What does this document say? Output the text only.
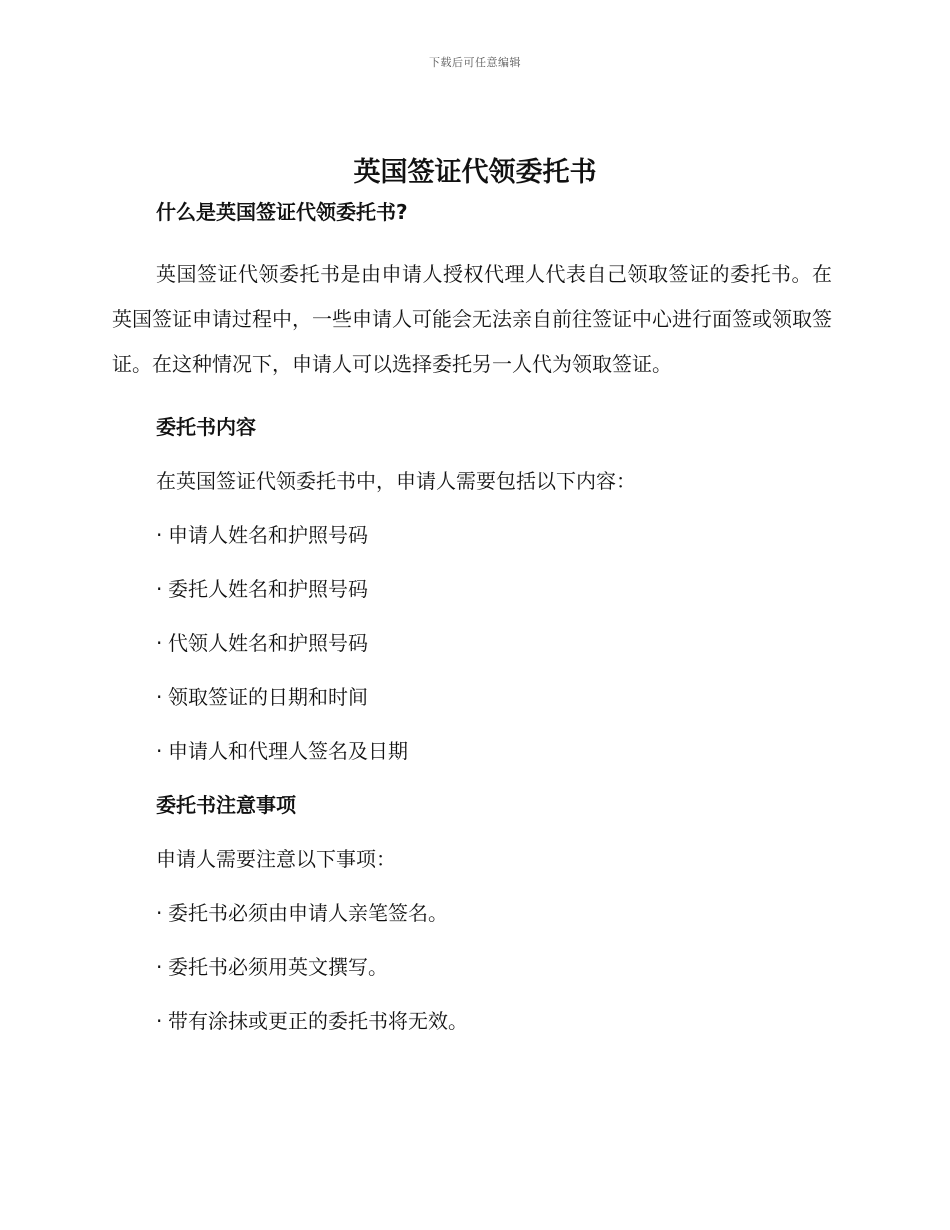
下载后可任意编辑
英国签证代领委托书
什么是英国签证代领委托书?

英国签证代领委托书是由申请人授权代理人代表自己领取签证的委托书。在英国签证申请过程中，一些申请人可能会无法亲自前往签证中心进行面签或领取签证。在这种情况下，申请人可以选择委托另一人代为领取签证。

委托书内容
在英国签证代领委托书中，申请人需要包括以下内容：
· 申请人姓名和护照号码
· 委托人姓名和护照号码
· 代领人姓名和护照号码
· 领取签证的日期和时间
· 申请人和代理人签名及日期
委托书注意事项
申请人需要注意以下事项：
· 委托书必须由申请人亲笔签名。
· 委托书必须用英文撰写。
· 带有涂抹或更正的委托书将无效。
